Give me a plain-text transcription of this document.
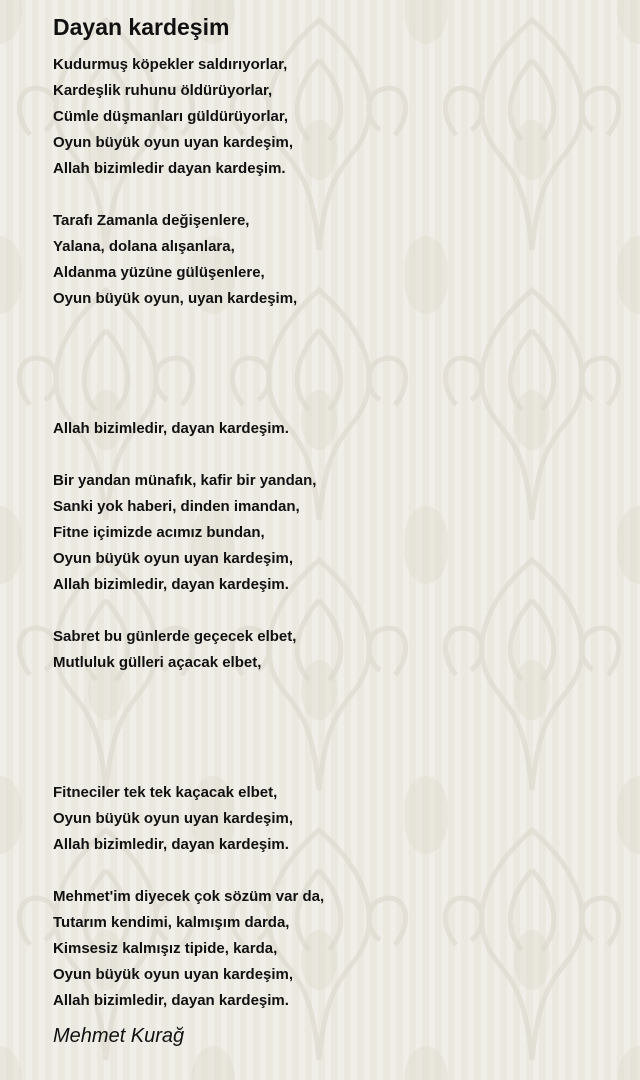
Dayan kardeşim
Kudurmuş köpekler saldırıyorlar,
Kardeşlik ruhunu öldürüyorlar,
Cümle düşmanları güldürüyorlar,
Oyun büyük oyun uyan kardeşim,
Allah bizimledir dayan kardeşim.
Tarafı Zamanla değişenlere,
Yalana, dolana alışanlara,
Aldanma yüzüne gülüşenlere,
Oyun büyük oyun, uyan kardeşim,
Allah bizimledir, dayan kardeşim.
Bir yandan münafık, kafir bir yandan,
Sanki yok haberi, dinden imandan,
Fitne içimizde acımız bundan,
Oyun büyük oyun uyan kardeşim,
Allah bizimledir, dayan kardeşim.
Sabret bu günlerde geçecek elbet,
Mutluluk gülleri açacak elbet,
Fitneciler tek tek kaçacak elbet,
Oyun büyük oyun uyan kardeşim,
Allah bizimledir, dayan kardeşim.
Mehmet'im diyecek çok sözüm var da,
Tutarım kendimi, kalmışım darda,
Kimsesiz kalmışız tipide, karda,
Oyun büyük oyun uyan kardeşim,
Allah bizimledir, dayan kardeşim.
Mehmet Kurağ
